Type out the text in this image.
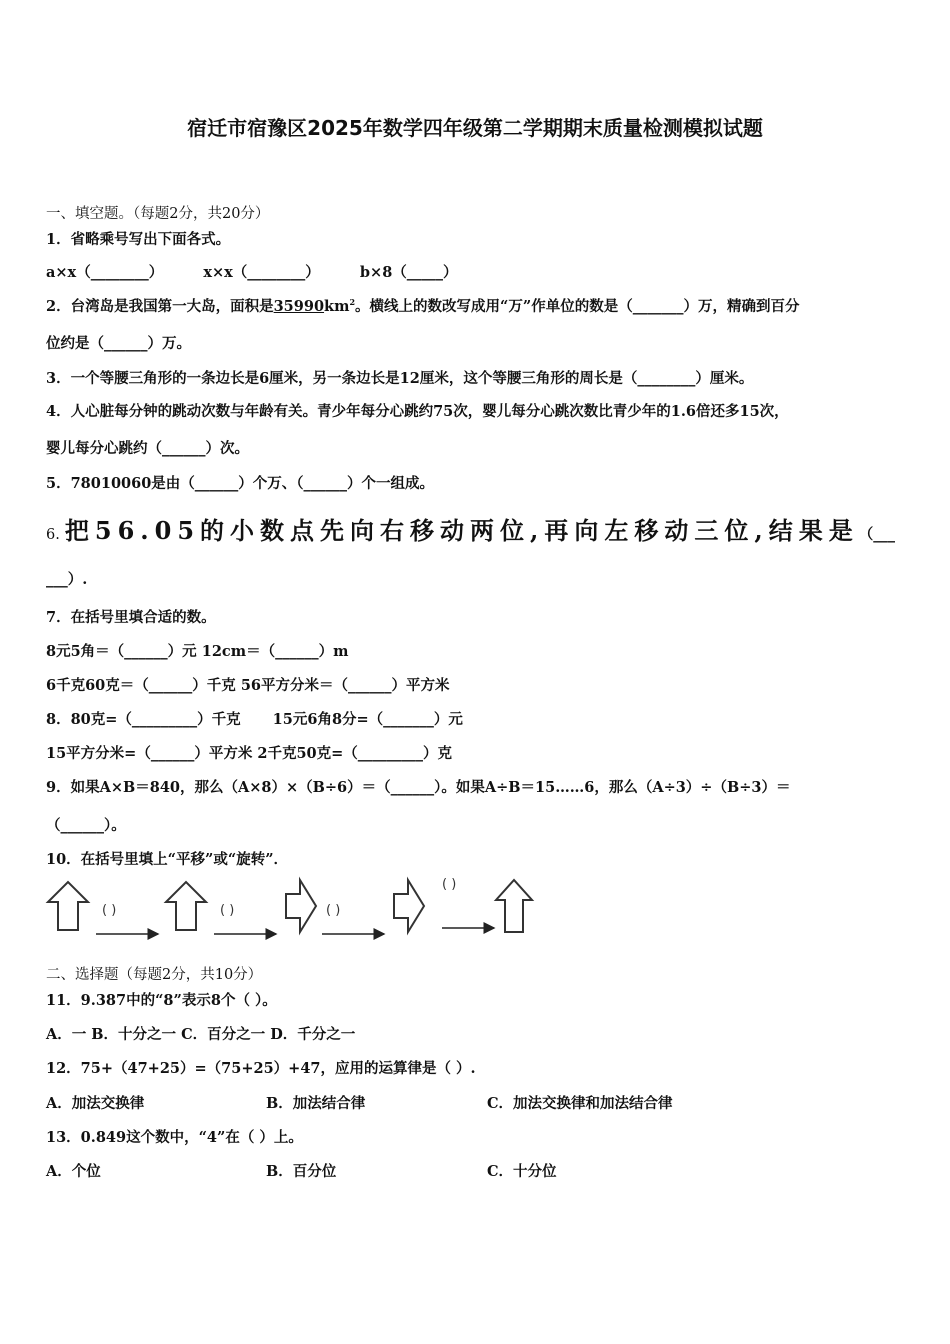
宿迁市宿豫区2025年数学四年级第二学期期末质量检测模拟试题
一、填空题。（每题2分，共20分）
1．省略乘号写出下面各式。
a×x（________）	x×x（________）	b×8（_____）
2．台湾岛是我国第一大岛，面积是$35990km^2$。横线上的数改写成用“万”作单位的数是（_______）万，精确到百分
位约是（______）万。
3．一个等腰三角形的一条边长是6厘米，另一条边长是12厘米，这个等腰三角形的周长是（________）厘米。
4．人心脏每分钟的跳动次数与年龄有关。青少年每分心跳约75次，婴儿每分心跳次数比青少年的1.6倍还多15次，
婴儿每分心跳约（______）次。
5．78010060是由（______）个万、（______）个一组成。
6. 把56.05的小数点先向右移动两位,再向左移动三位,结果是（___
___）.
7．在括号里填合适的数。
8元5角＝（______）元 12cm＝（______）m
6千克60克＝（______）千克 56平方分米＝（______）平方米
8．80克=（_________）千克 15元6角8分=（_______）元
15平方分米=（______）平方米 2千克50克=（_________）克
9．如果A×B＝840，那么（A×8）×（B÷6）＝（______）。如果A÷B＝15……6，那么（A÷3）÷（B÷3）＝
（______）。
10．在括号里填上“平移”或“旋转”．
( )	( )	( )
( )
二、选择题（每题2分，共10分）
11．9.387中的“8”表示8个（ ）。
A．一 B．十分之一 C．百分之一 D．千分之一
12．75+（47+25）=（75+25）+47，应用的运算律是（ ）.
A．加法交换律	B．加法结合律	C．加法交换律和加法结合律
13．0.849这个数中，“4”在（ ）上。
A．个位	B．百分位	C．十分位
